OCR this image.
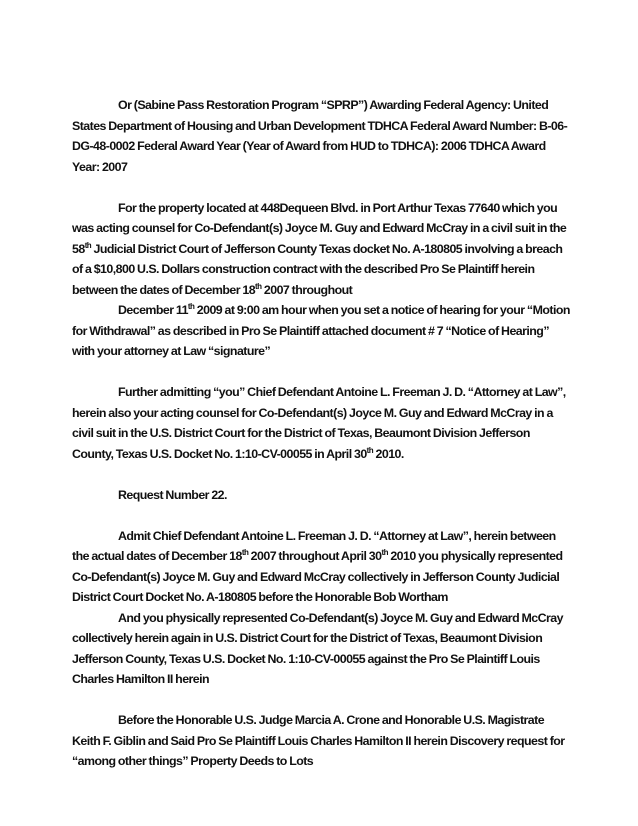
Or (Sabine Pass Restoration Program “SPRP”) Awarding Federal Agency: United States Department of Housing and Urban Development TDHCA Federal Award Number: B-06-DG-48-0002 Federal Award Year (Year of Award from HUD to TDHCA): 2006 TDHCA Award Year: 2007

For the property located at 448Dequeen Blvd. in Port Arthur Texas 77640 which you was acting counsel for Co-Defendant(s) Joyce M. Guy and Edward McCray in a civil suit in the 58th Judicial District Court of Jefferson County Texas docket No. A-180805 involving a breach of a $10,800 U.S. Dollars construction contract with the described Pro Se Plaintiff herein between the dates of December 18th 2007 throughout

December 11th 2009 at 9:00 am hour when you set a notice of hearing for your “Motion for Withdrawal” as described in Pro Se Plaintiff attached document # 7 “Notice of Hearing” with your attorney at Law “signature”

Further admitting “you” Chief Defendant Antoine L. Freeman J. D. “Attorney at Law”, herein also your acting counsel for Co-Defendant(s) Joyce M. Guy and Edward McCray in a civil suit in the U.S. District Court for the District of Texas, Beaumont Division Jefferson County, Texas U.S. Docket No. 1:10-CV-00055 in April 30th 2010.

Request Number 22.

Admit Chief Defendant Antoine L. Freeman J. D. “Attorney at Law”, herein between the actual dates of December 18th 2007 throughout April 30th 2010 you physically represented Co-Defendant(s) Joyce M. Guy and Edward McCray collectively in Jefferson County Judicial District Court Docket No. A-180805 before the Honorable Bob Wortham

And you physically represented Co-Defendant(s) Joyce M. Guy and Edward McCray collectively herein again in U.S. District Court for the District of Texas, Beaumont Division Jefferson County, Texas U.S. Docket No. 1:10-CV-00055 against the Pro Se Plaintiff Louis Charles Hamilton II herein

Before the Honorable U.S. Judge Marcia A. Crone and Honorable U.S. Magistrate Keith F. Giblin and Said Pro Se Plaintiff Louis Charles Hamilton II herein Discovery request for “among other things” Property Deeds to Lots
